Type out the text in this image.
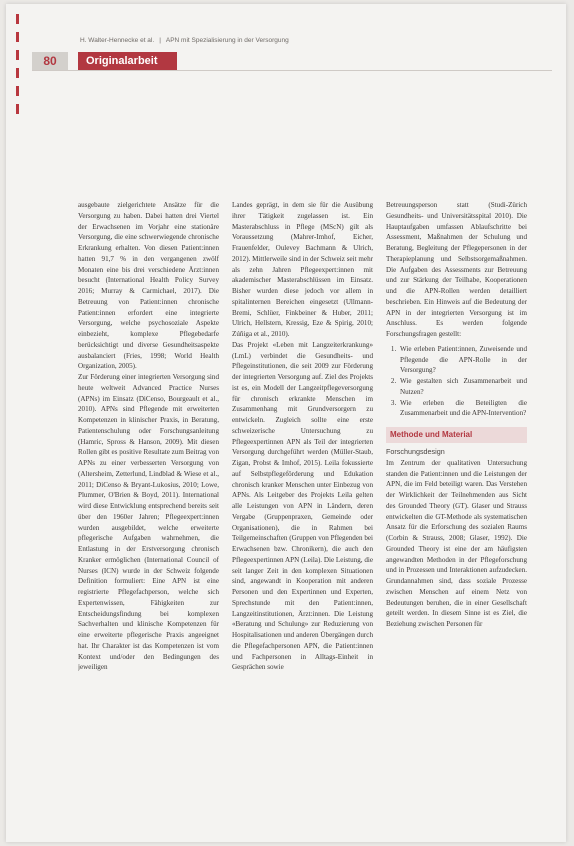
H. Walter-Hennecke et al. | APN mit Spezialisierung in der Versorgung
80	Originalarbeit

ausgebaute zielgerichtete Ansätze für die Versorgung zu haben. Dabei hatten drei Viertel der Erwachsenen im Vorjahr eine stationäre Versorgung, die eine schwerwiegende chronische Erkrankung erhalten. Von diesen Patient:innen hatten 91,7 % in den vergangenen zwölf Monaten eine bis drei verschiedene Ärzt:innen besucht (International Health Policy Survey 2016; Murray & Carmichael, 2017). Die Betreuung von Patient:innen chronische Patient:innen erfordert eine integrierte Versorgung, welche psychosoziale Aspekte einbezieht, komplexe Pflegebedarfe berücksichtigt und diverse Gesundheitsaspekte ausbalanciert (Fries, 1998; World Health Organization, 2005).

Zur Förderung einer integrierten Versorgung sind heute weltweit Advanced Practice Nurses (APNs) im Einsatz (DiCenso, Bourgeault et al., 2010). APNs sind Pflegende mit erweiterten Kompetenzen in klinischer Praxis, in Beratung, Patientenschulung oder Forschungsanleitung (Hamric, Spross & Hanson, 2009). Mit diesen Rollen gibt es positive Resultate zum Beitrag von APNs zu einer verbesserten Versorgung von (Altersheim, Zetterlund, Lindblad & Wiese et al., 2011; DiCenso & Bryant-Lukosius, 2010; Lowe, Plummer, O'Brien & Boyd, 2011). International wird diese Entwicklung entsprechend bereits seit über den 1960er Jahren; Pflegeexpert:innen wurden ausgebildet, welche erweiterte pflegerische Aufgaben wahrnehmen, die Entlastung in der Erstversorgung chronisch Kranker ermöglichen (International Council of Nurses (ICN) wurde in der Schweiz folgende Definition formuliert: Eine APN ist eine registrierte Pflegefachperson, welche sich Expertenwissen, Fähigkeiten zur Entscheidungsfindung bei komplexen Sachverhalten und klinische Kompetenzen für eine erweiterte pflegerische Praxis angeeignet hat. Ihr Charakter ist das Kompetenzen ist vom Kontext und/oder den Bedingungen des jeweiligen

Landes geprägt, in dem sie für die Ausübung ihrer Tätigkeit zugelassen ist. Ein Masterabschluss in Pflege (MScN) gilt als Voraussetzung (Mahrer-Imhof, Eicher, Frauenfelder, Oulevey Bachmann & Ulrich, 2012). Mittlerweile sind in der Schweiz seit mehr als zehn Jahren Pflegeexpert:innen mit akademischer Masterabschlüssen im Einsatz. Bisher wurden diese jedoch vor allem in spitalinternen Bereichen eingesetzt (Ullmann-Bremi, Schlüer, Finkbeiner & Huber, 2011; Ulrich, Hellstern, Kressig, Eze & Spirig, 2010; Zúñiga et al., 2010).

Das Projekt «Leben mit Langzeiterkrankung» (LmL) verbindet die Gesundheits- und Pflegeinstitutionen, die seit 2009 zur Förderung der integrierten Versorgung auf. Ziel des Projekts ist es, ein Modell der Langzeitpflegeversorgung für chronisch erkrankte Menschen im Zusammenhang mit Grundversorgern zu entwickeln. Zugleich sollte eine erste schweizerische Untersuchung zu Pflegeexpertinnen APN als Teil der integrierten Versorgung durchgeführt werden (Müller-Staub, Zigan, Probst & Imhof, 2015). Leila fokussierte auf Selbstpflegeförderung und Edukation chronisch kranker Menschen unter Einbezug von APNs. Als Leitgeber des Projekts Leila gelten alle Leistungen von APN in Ländern, deren Vergabe (Gruppenpraxen, Gemeinde oder Organisationen), die in Rahmen bei Teilgemeinschaften (Gruppen von Pflegenden bei Erwachsenen bzw. Chronikern), die auch den Pflegeexpertinnen APN (Leila). Die Leistung, die seit langer Zeit in den komplexen Situationen sind, angewandt in Kooperation mit anderen Personen und den Expertinnen und Experten, Sprechstunde mit den Patient:innen, Langzeitinstitutionen, Ärzt:innen. Die Leistung «Beratung und Schulung» zur Reduzierung von Hospitalisationen und anderen Übergängen durch die Pflegefachpersonen APN, die Patient:innen und Fachpersonen in Alltags-Einheit in Gesprächen sowie

Betreuungsperson statt (Studi-Zürich Gesundheits- und Universitätsspital 2010). Die Hauptaufgaben umfassen Ablaufschritte bei Assessment, Maßnahmen der Schulung und Beratung, Begleitung der Pflegepersonen in der Therapieplanung und Selbstsorgemaßnahmen. Die Aufgaben des Assessments zur Betreuung und zur Stärkung der Teilhabe, Kooperationen und die APN-Rollen werden detailliert beschrieben. Ein Hinweis auf die Bedeutung der APN in der integrierten Versorgung ist im Anschluss. Es werden folgende Forschungsfragen gestellt:

1. Wie erleben Patient:innen, Zuweisende und Pflegende die APN-Rolle in der Versorgung?
2. Wie gestalten sich Zusammenarbeit und Nutzen?
3. Wie erleben die Beteiligten die Zusammenarbeit und die APN-Intervention?
Methode und Material
Forschungsdesign

Im Zentrum der qualitativen Untersuchung standen die Patient:innen und die Leistungen der APN, die im Feld beteiligt waren. Das Verstehen der Wirklichkeit der Teilnehmenden aus Sicht des Grounded Theory (GT). Glaser und Strauss entwickelten die GT-Methode als systematischen Ansatz für die Erforschung des sozialen Raums (Corbin & Strauss, 2008; Glaser, 1992). Die Grounded Theory ist eine der am häufigsten angewandten Methoden in der Pflegeforschung und in Prozessen und Interaktionen aufzudecken. Grundannahmen sind, dass soziale Prozesse zwischen Menschen auf einem Netz von Bedeutungen beruhen, die in einer Gesellschaft geteilt werden. In diesem Sinne ist es Ziel, die Beziehung zwischen Personen für
